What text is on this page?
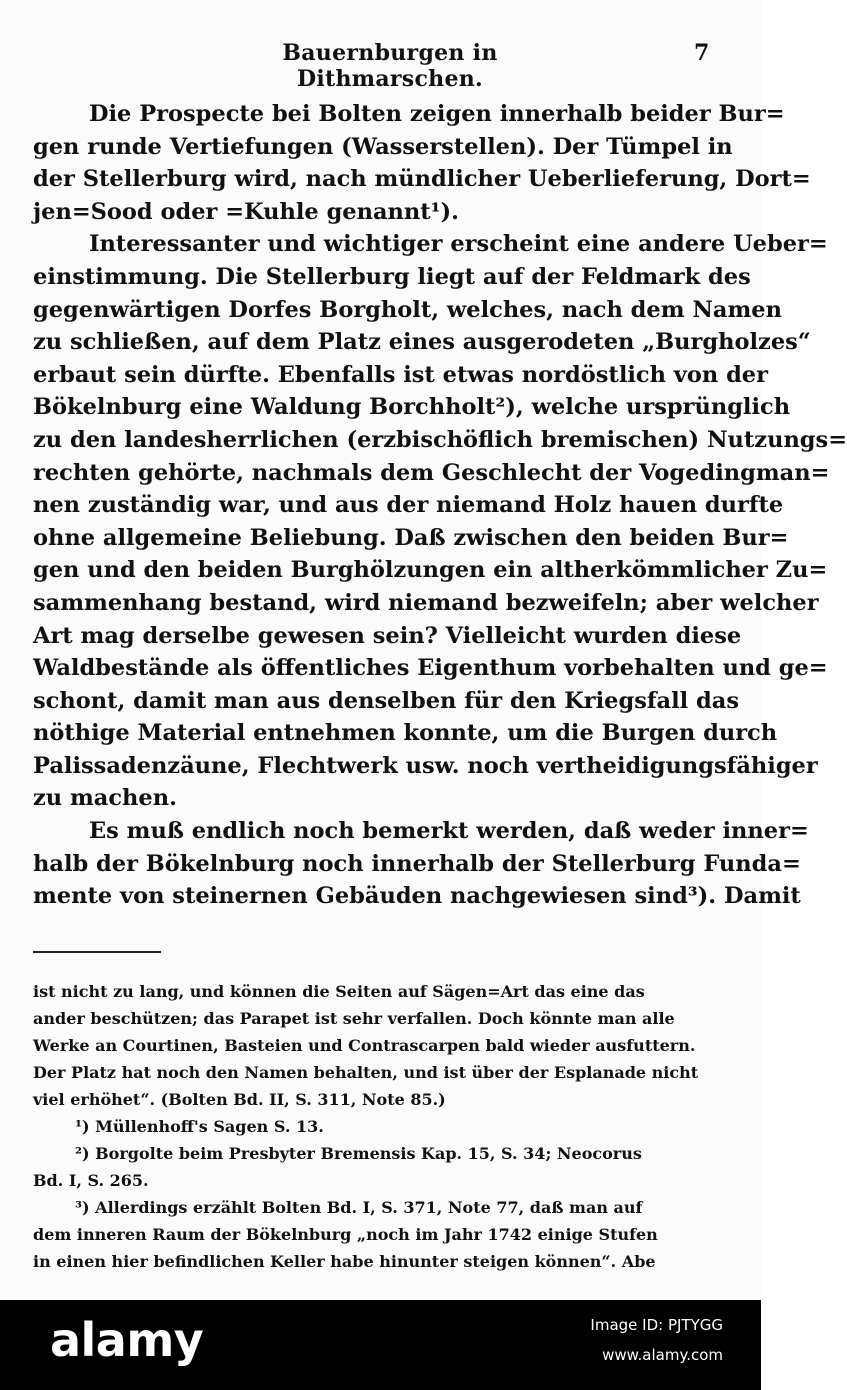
Bauernburgen in Dithmarschen.
7

Die Prospecte bei Bolten zeigen innerhalb beider Bur=
gen runde Vertiefungen (Wasserstellen). Der Tümpel in
der Stellerburg wird, nach mündlicher Ueberlieferung, Dort=
jen=Sood oder =Kuhle genannt¹).

Interessanter und wichtiger erscheint eine andere Ueber=
einstimmung. Die Stellerburg liegt auf der Feldmark des
gegenwärtigen Dorfes Borgholt, welches, nach dem Namen
zu schließen, auf dem Platz eines ausgerodeten „Burgholzes“
erbaut sein dürfte. Ebenfalls ist etwas nordöstlich von der
Bökelnburg eine Waldung Borchholt²), welche ursprünglich
zu den landesherrlichen (erzbischöflich bremischen) Nutzungs=
rechten gehörte, nachmals dem Geschlecht der Vogedingman=
nen zuständig war, und aus der niemand Holz hauen durfte
ohne allgemeine Beliebung. Daß zwischen den beiden Bur=
gen und den beiden Burghölzungen ein altherkömmlicher Zu=
sammenhang bestand, wird niemand bezweifeln; aber welcher
Art mag derselbe gewesen sein? Vielleicht wurden diese
Waldbestände als öffentliches Eigenthum vorbehalten und ge=
schont, damit man aus denselben für den Kriegsfall das
nöthige Material entnehmen konnte, um die Burgen durch
Palissadenzäune, Flechtwerk usw. noch vertheidigungsfähiger
zu machen.

Es muß endlich noch bemerkt werden, daß weder inner=
halb der Bökelnburg noch innerhalb der Stellerburg Funda=
mente von steinernen Gebäuden nachgewiesen sind³). Damit

ist nicht zu lang, und können die Seiten auf Sägen=Art das eine das
ander beschützen; das Parapet ist sehr verfallen. Doch könnte man alle
Werke an Courtinen, Basteien und Contrascarpen bald wieder ausfuttern.
Der Platz hat noch den Namen behalten, und ist über der Esplanade nicht
viel erhöhet“. (Bolten Bd. II, S. 311, Note 85.)
¹) Müllenhoff's Sagen S. 13.
²) Borgolte beim Presbyter Bremensis Kap. 15, S. 34; Neocorus
Bd. I, S. 265.
³) Allerdings erzählt Bolten Bd. I, S. 371, Note 77, daß man auf
dem inneren Raum der Bökelnburg „noch im Jahr 1742 einige Stufen
in einen hier befindlichen Keller habe hinunter steigen können“. Abe
alamy	Image ID: PJTYGG
www.alamy.com
